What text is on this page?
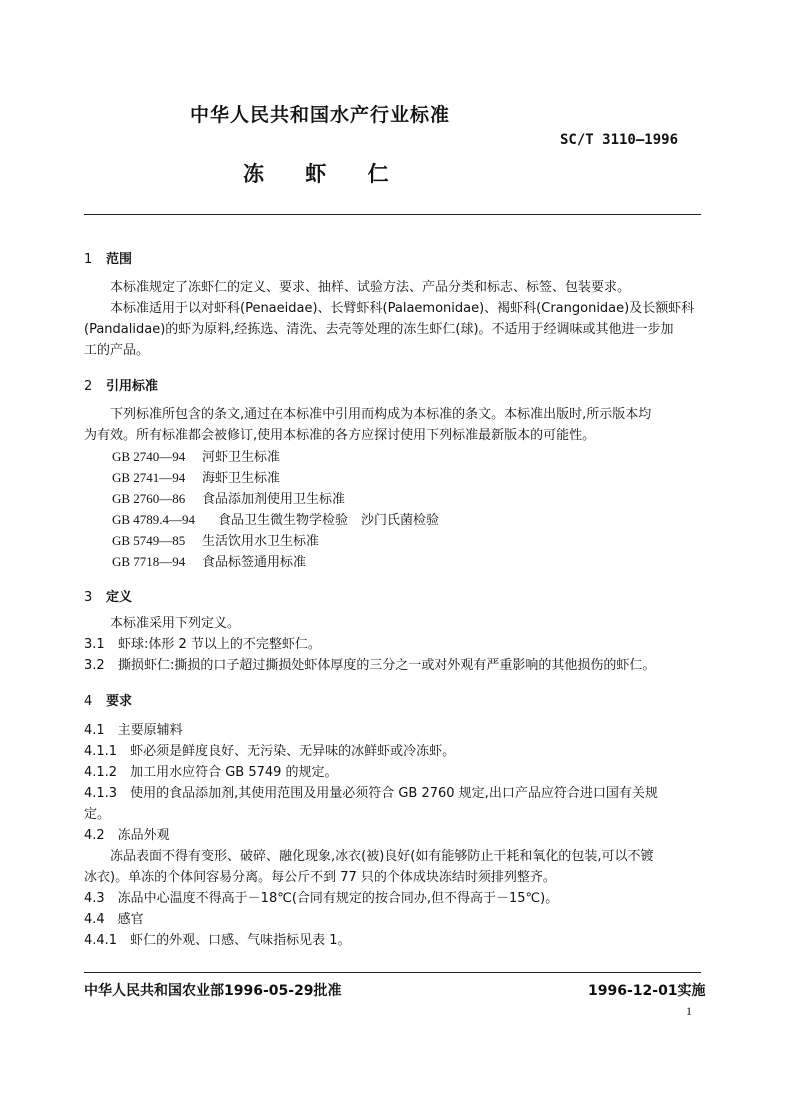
中华人民共和国水产行业标准
SC/T 3110—1996
冻 虾 仁
1 范围
本标准规定了冻虾仁的定义、要求、抽样、试验方法、产品分类和标志、标签、包装要求。
本标准适用于以对虾科(Penaeidae)、长臂虾科(Palaemonidae)、褐虾科(Crangonidae)及长额虾科
(Pandalidae)的虾为原料,经拣选、清洗、去壳等处理的冻生虾仁(球)。不适用于经调味或其他进一步加
工的产品。
2 引用标准
下列标准所包含的条文,通过在本标准中引用而构成为本标准的条文。本标准出版时,所示版本均
为有效。所有标准都会被修订,使用本标准的各方应探讨使用下列标准最新版本的可能性。
GB 2740—94 河虾卫生标准
GB 2741—94 海虾卫生标准
GB 2760—86 食品添加剂使用卫生标准
GB 4789.4—94 食品卫生微生物学检验　沙门氏菌检验
GB 5749—85 生活饮用水卫生标准
GB 7718—94 食品标签通用标准
3 定义
本标准采用下列定义。
3.1 虾球:体形 2 节以上的不完整虾仁。
3.2 撕损虾仁:撕损的口子超过撕损处虾体厚度的三分之一或对外观有严重影响的其他损伤的虾仁。
4 要求
4.1　主要原辅料
4.1.1　虾必须是鲜度良好、无污染、无异味的冰鲜虾或冷冻虾。
4.1.2　加工用水应符合 GB 5749 的规定。
4.1.3　使用的食品添加剂,其使用范围及用量必须符合 GB 2760 规定,出口产品应符合进口国有关规
定。
4.2　冻品外观
冻品表面不得有变形、破碎、融化现象,冰衣(被)良好(如有能够防止干耗和氧化的包装,可以不镀
冰衣)。单冻的个体间容易分离。每公斤不到 77 只的个体成块冻结时须排列整齐。
4.3　冻品中心温度不得高于－18℃(合同有规定的按合同办,但不得高于－15℃)。
4.4　感官
4.4.1　虾仁的外观、口感、气味指标见表 1。
中华人民共和国农业部1996-05-29批准	1996-12-01实施
1
